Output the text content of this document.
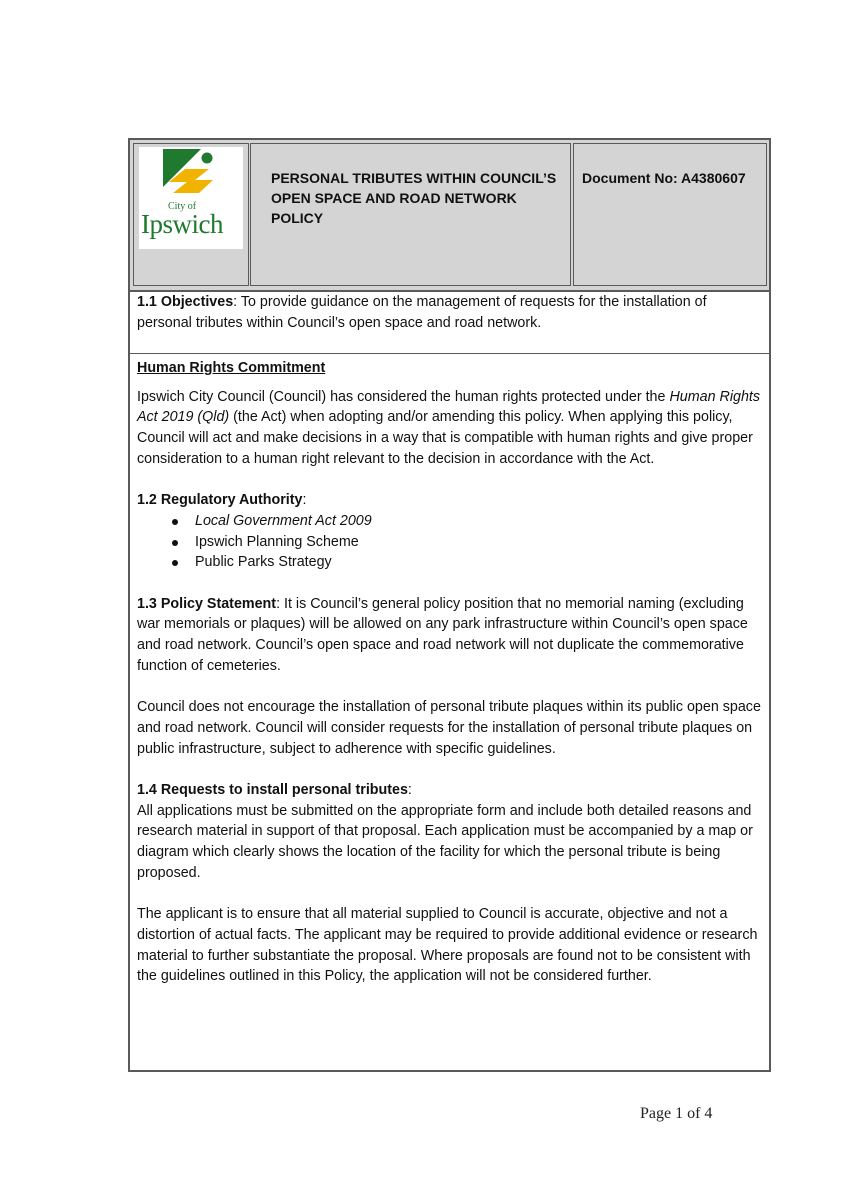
City of
Ipswich
PERSONAL TRIBUTES WITHIN COUNCIL’S OPEN SPACE AND ROAD NETWORK POLICY
Document No: A4380607

1.1 Objectives: To provide guidance on the management of requests for the installation of personal tributes within Council’s open space and road network.

Human Rights Commitment

Ipswich City Council (Council) has considered the human rights protected under the Human Rights Act 2019 (Qld) (the Act) when adopting and/or amending this policy. When applying this policy, Council will act and make decisions in a way that is compatible with human rights and give proper consideration to a human right relevant to the decision in accordance with the Act.

1.2 Regulatory Authority:

Local Government Act 2009
Ipswich Planning Scheme
Public Parks Strategy

1.3 Policy Statement: It is Council’s general policy position that no memorial naming (excluding war memorials or plaques) will be allowed on any park infrastructure within Council’s open space and road network. Council’s open space and road network will not duplicate the commemorative function of cemeteries.

Council does not encourage the installation of personal tribute plaques within its public open space and road network. Council will consider requests for the installation of personal tribute plaques on public infrastructure, subject to adherence with specific guidelines.

1.4 Requests to install personal tributes:

All applications must be submitted on the appropriate form and include both detailed reasons and research material in support of that proposal. Each application must be accompanied by a map or diagram which clearly shows the location of the facility for which the personal tribute is being proposed.

The applicant is to ensure that all material supplied to Council is accurate, objective and not a distortion of actual facts. The applicant may be required to provide additional evidence or research material to further substantiate the proposal. Where proposals are found not to be consistent with the guidelines outlined in this Policy, the application will not be considered further.

Page 1 of 4
